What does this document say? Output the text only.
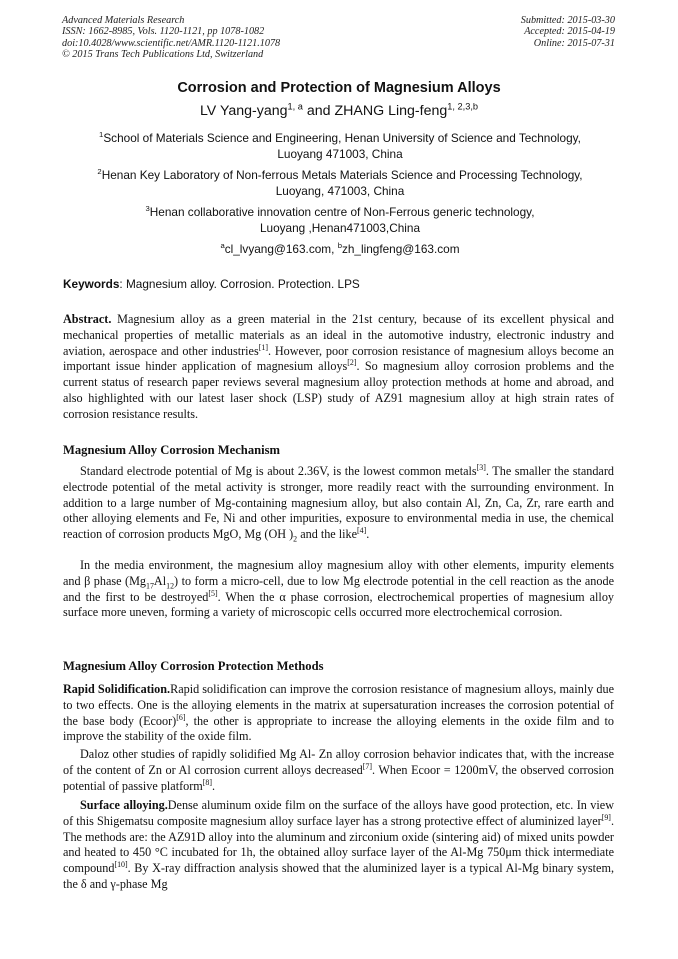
Advanced Materials Research
ISSN: 1662-8985, Vols. 1120-1121, pp 1078-1082
doi:10.4028/www.scientific.net/AMR.1120-1121.1078
© 2015 Trans Tech Publications Ltd, Switzerland
Submitted: 2015-03-30
Accepted: 2015-04-19
Online: 2015-07-31
Corrosion and Protection of Magnesium Alloys
LV Yang-yang$^{1, a}$ and ZHANG Ling-feng$^{1, 2,3,b}$
$^1$School of Materials Science and Engineering, Henan University of Science and Technology,
Luoyang 471003, China
$^2$Henan Key Laboratory of Non-ferrous Metals Materials Science and Processing Technology,
Luoyang, 471003, China
$^3$Henan collaborative innovation centre of Non-Ferrous generic technology,
Luoyang ,Henan471003,China
$^a$cl_lvyang@163.com, $^b$zh_lingfeng@163.com
Keywords: Magnesium alloy. Corrosion. Protection. LPS
Abstract. Magnesium alloy as a green material in the 21st century, because of its excellent physical and mechanical properties of metallic materials as an ideal in the automotive industry, electronic industry and aviation, aerospace and other industries[1]. However, poor corrosion resistance of magnesium alloys become an important issue hinder application of magnesium alloys[2]. So magnesium alloy corrosion problems and the current status of research paper reviews several magnesium alloy protection methods at home and abroad, and also highlighted with our latest laser shock (LSP) study of AZ91 magnesium alloy at high strain rates of corrosion resistance results.
Magnesium Alloy Corrosion Mechanism
Standard electrode potential of Mg is about 2.36V, is the lowest common metals[3]. The smaller the standard electrode potential of the metal activity is stronger, more readily react with the surrounding environment. In addition to a large number of Mg-containing magnesium alloy, but also contain Al, Zn, Ca, Zr, rare earth and other alloying elements and Fe, Ni and other impurities, exposure to environmental media in use, the chemical reaction of corrosion products MgO, Mg (OH )$_2$ and the like[4].
In the media environment, the magnesium alloy magnesium alloy with other elements, impurity elements and β phase $(Mg_{17}Al_{12})$ to form a micro-cell, due to low Mg electrode potential in the cell reaction as the anode and the first to be destroyed[5]. When the α phase corrosion, electrochemical properties of magnesium alloy surface more uneven, forming a variety of microscopic cells occurred more electrochemical corrosion.
Magnesium Alloy Corrosion Protection Methods
Rapid Solidification.Rapid solidification can improve the corrosion resistance of magnesium alloys, mainly due to two effects. One is the alloying elements in the matrix at supersaturation increases the corrosion potential of the base body (Ecoor)[6], the other is appropriate to increase the alloying elements in the oxide film and to improve the stability of the oxide film.
Daloz other studies of rapidly solidified Mg Al- Zn alloy corrosion behavior indicates that, with the increase of the content of Zn or Al corrosion current alloys decreased[7]. When Ecoor = 1200mV, the observed corrosion potential of passive platform[8].
Surface alloying.Dense aluminum oxide film on the surface of the alloys have good protection, etc. In view of this Shigematsu composite magnesium alloy surface layer has a strong protective effect of aluminized layer[9]. The methods are: the AZ91D alloy into the aluminum and zirconium oxide (sintering aid) of mixed units powder and heated to 450 °C incubated for 1h, the obtained alloy surface layer of the Al-Mg 750μm thick intermediate compound[10]. By X-ray diffraction analysis showed that the aluminized layer is a typical Al-Mg binary system, the δ and γ-phase Mg
